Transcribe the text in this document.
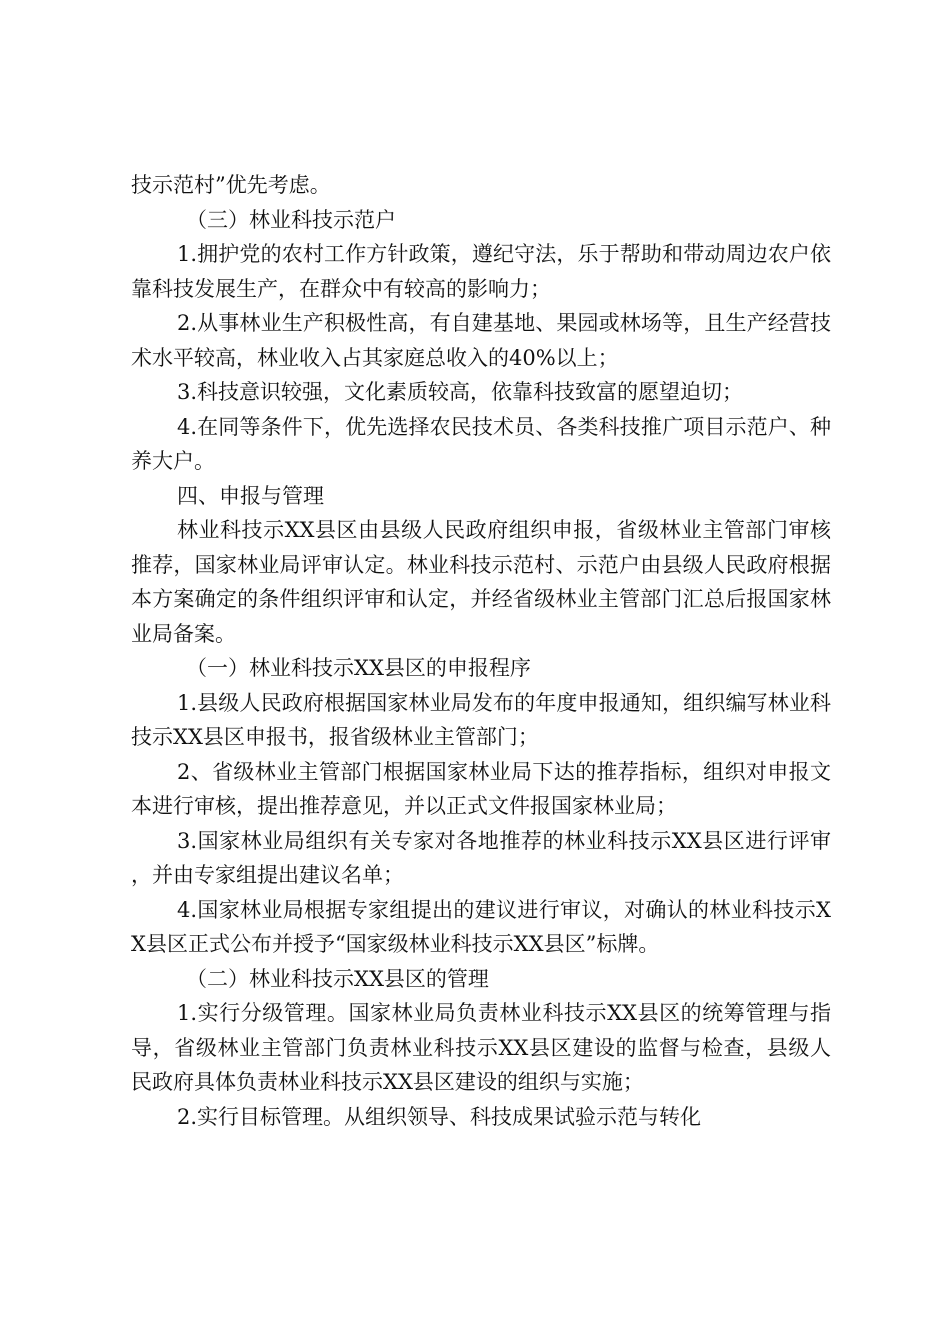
技示范村”优先考虑。

（三）林业科技示范户

1.拥护党的农村工作方针政策，遵纪守法，乐于帮助和带动周边农户依靠科技发展生产，在群众中有较高的影响力；

2.从事林业生产积极性高，有自建基地、果园或林场等，且生产经营技术水平较高，林业收入占其家庭总收入的40%以上；

3.科技意识较强，文化素质较高，依靠科技致富的愿望迫切；

4.在同等条件下，优先选择农民技术员、各类科技推广项目示范户、种养大户。

四、申报与管理

林业科技示XX县区由县级人民政府组织申报，省级林业主管部门审核推荐，国家林业局评审认定。林业科技示范村、示范户由县级人民政府根据本方案确定的条件组织评审和认定，并经省级林业主管部门汇总后报国家林业局备案。

（一）林业科技示XX县区的申报程序

1.县级人民政府根据国家林业局发布的年度申报通知，组织编写林业科技示XX县区申报书，报省级林业主管部门；

2、省级林业主管部门根据国家林业局下达的推荐指标，组织对申报文本进行审核，提出推荐意见，并以正式文件报国家林业局；

3.国家林业局组织有关专家对各地推荐的林业科技示XX县区进行评审，并由专家组提出建议名单；

4.国家林业局根据专家组提出的建议进行审议，对确认的林业科技示XX县区正式公布并授予“国家级林业科技示XX县区”标牌。

（二）林业科技示XX县区的管理

1.实行分级管理。国家林业局负责林业科技示XX县区的统筹管理与指导，省级林业主管部门负责林业科技示XX县区建设的监督与检查，县级人民政府具体负责林业科技示XX县区建设的组织与实施；

2.实行目标管理。从组织领导、科技成果试验示范与转化
